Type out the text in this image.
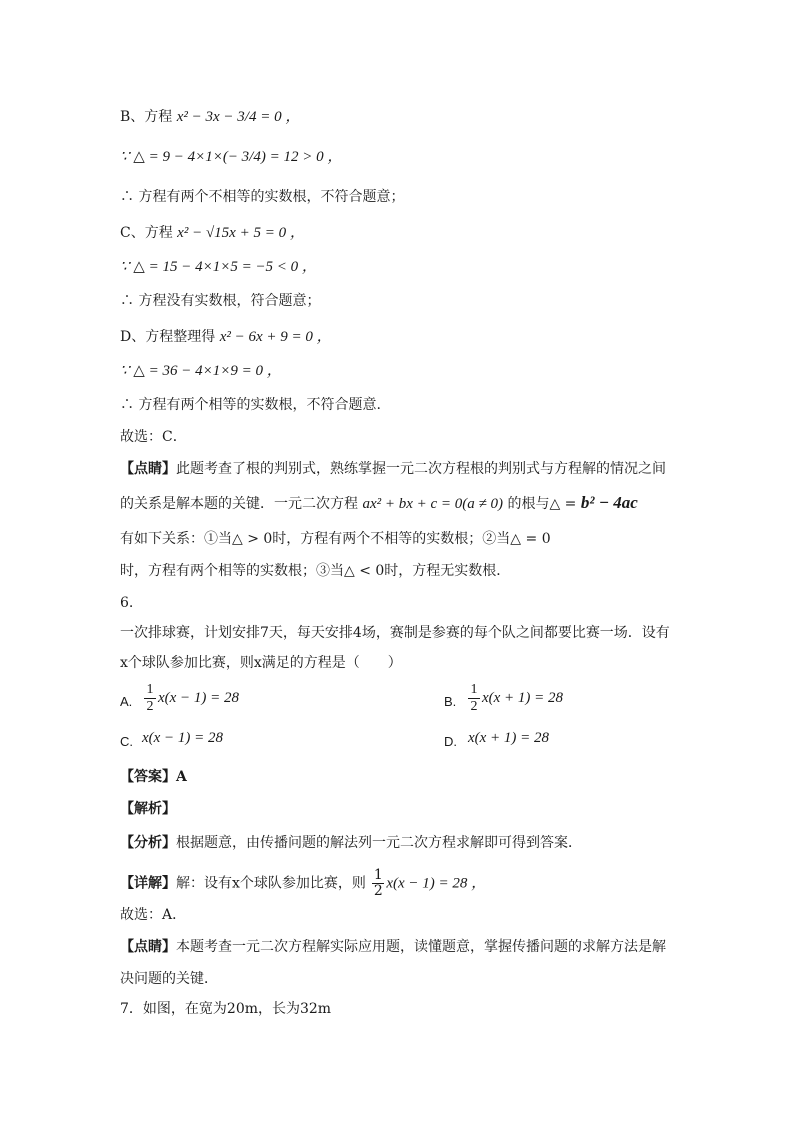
B、方程 x² − 3x − 3/4 = 0 ，
∵ △ = 9 − 4×1×(− 3/4) = 12 > 0 ，
∴ 方程有两个不相等的实数根，不符合题意；
C、方程 x² − √15x + 5 = 0 ，
∵ △ = 15 − 4×1×5 = −5 < 0 ，
∴ 方程没有实数根，符合题意；
D、方程整理得 x² − 6x + 9 = 0 ，
∵ △ = 36 − 4×1×9 = 0 ，
∴ 方程有两个相等的实数根，不符合题意.
故选：C．
【点睛】此题考查了根的判别式，熟练掌握一元二次方程根的判别式与方程解的情况之间
的关系是解本题的关键．一元二次方程 ax² + bx + c = 0(a ≠ 0) 的根与△ = b² − 4ac
有如下关系：①当△ > 0时，方程有两个不相等的实数根；②当△ = 0
时，方程有两个相等的实数根；③当△ < 0时，方程无实数根．
6.
一次排球赛，计划安排7天，每天安排4场，赛制是参赛的每个队之间都要比赛一场．设有
x个球队参加比赛，则x满足的方程是（　　）
A.
1
2
x(x − 1) = 28	B.
1
2
x(x + 1) = 28
C. x(x − 1) = 28	D. x(x + 1) = 28
【答案】A
【解析】
【分析】根据题意，由传播问题的解法列一元二次方程求解即可得到答案．
【详解】解：设有x个球队参加比赛，则 $\frac{1}{2} x(x - 1) = 28$ ，
故选：A．
【点睛】本题考查一元二次方程解实际应用题，读懂题意，掌握传播问题的求解方法是解
决问题的关键．
7．如图，在宽为20m，长为32m
